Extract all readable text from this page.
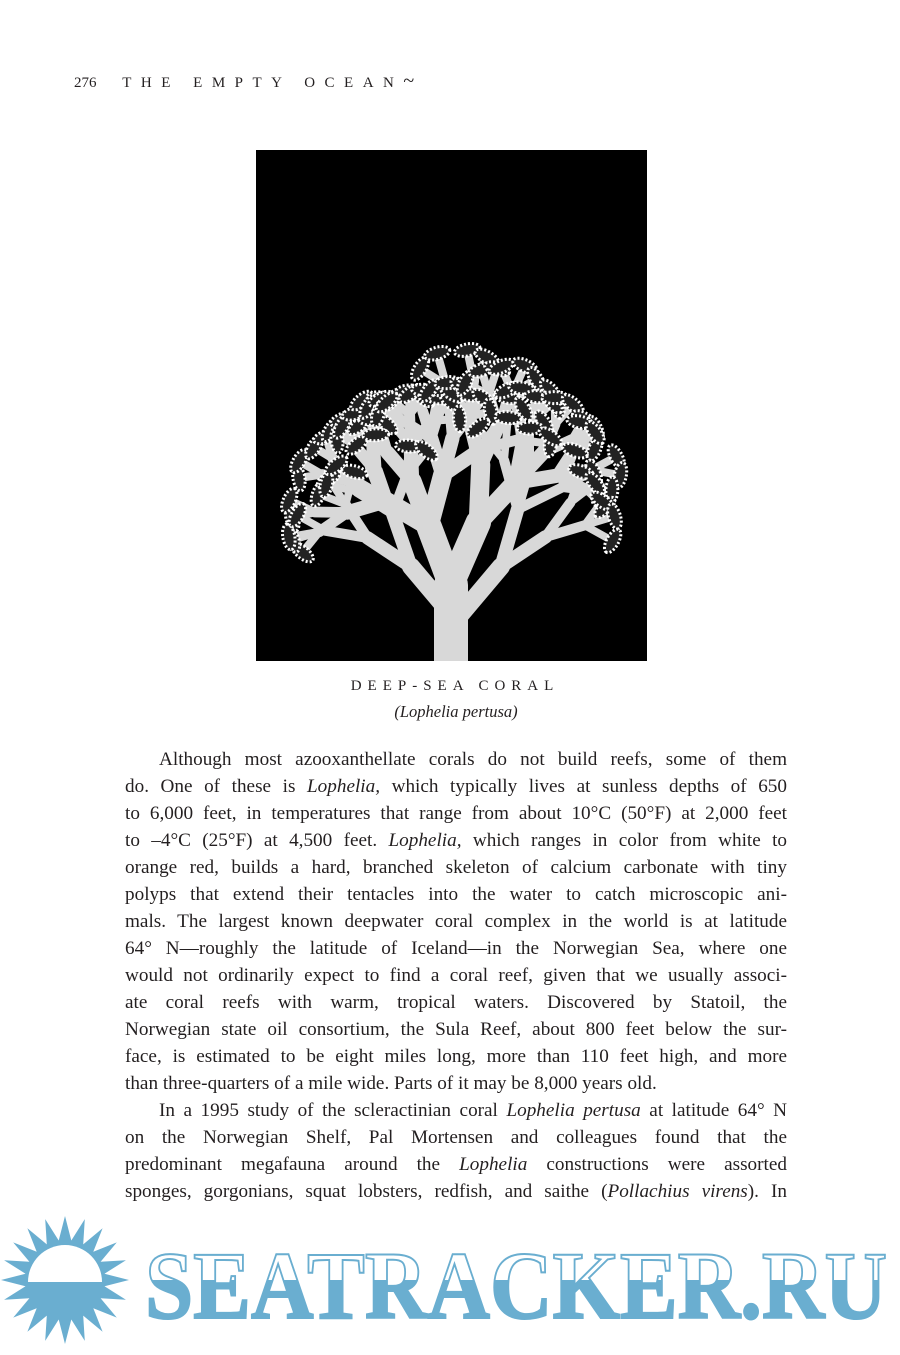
276 THE EMPTY OCEAN~
DEEP-SEA CORAL
(Lophelia pertusa)
Although most azooxanthellate corals do not build reefs, some of them
do. One of these is Lophelia, which typically lives at sunless depths of 650
to 6,000 feet, in temperatures that range from about 10°C (50°F) at 2,000 feet
to –4°C (25°F) at 4,500 feet. Lophelia, which ranges in color from white to
orange red, builds a hard, branched skeleton of calcium carbonate with tiny
polyps that extend their tentacles into the water to catch microscopic ani-
mals. The largest known deepwater coral complex in the world is at latitude
64° N—roughly the latitude of Iceland—in the Norwegian Sea, where one
would not ordinarily expect to find a coral reef, given that we usually associ-
ate coral reefs with warm, tropical waters. Discovered by Statoil, the
Norwegian state oil consortium, the Sula Reef, about 800 feet below the sur-
face, is estimated to be eight miles long, more than 110 feet high, and more
than three-quarters of a mile wide. Parts of it may be 8,000 years old.
In a 1995 study of the scleractinian coral Lophelia pertusa at latitude 64° N
on the Norwegian Shelf, Pal Mortensen and colleagues found that the
predominant megafauna around the Lophelia constructions were assorted
sponges, gorgonians, squat lobsters, redfish, and saithe (Pollachius virens). In
SEATRACKER.RU
